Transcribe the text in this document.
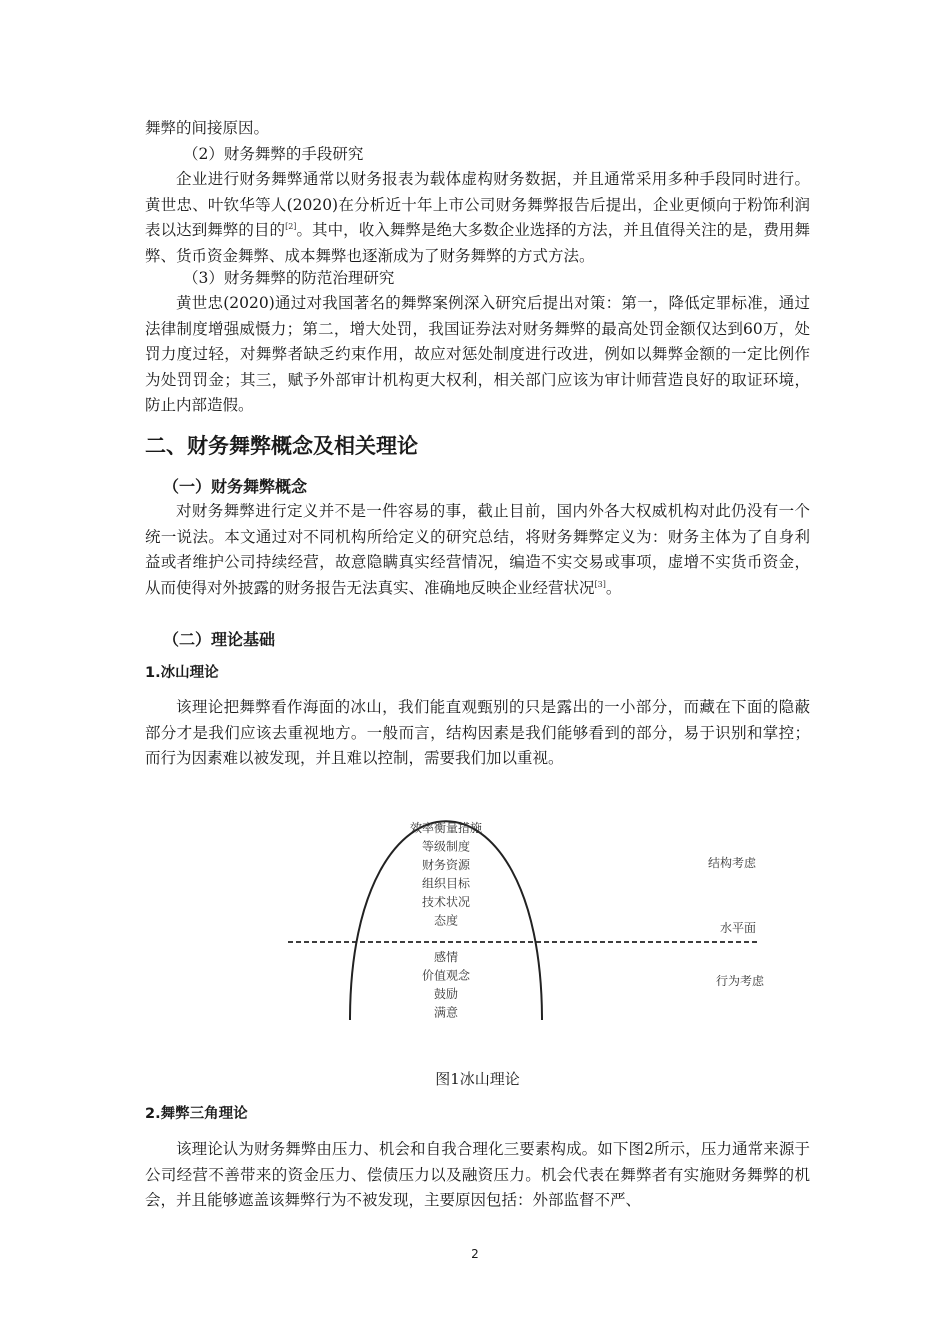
舞弊的间接原因。

（2）财务舞弊的手段研究

企业进行财务舞弊通常以财务报表为载体虚构财务数据，并且通常采用多种手段同时进行。黄世忠、叶钦华等人(2020)在分析近十年上市公司财务舞弊报告后提出，企业更倾向于粉饰利润表以达到舞弊的目的[2]。其中，收入舞弊是绝大多数企业选择的方法，并且值得关注的是，费用舞弊、货币资金舞弊、成本舞弊也逐渐成为了财务舞弊的方式方法。

（3）财务舞弊的防范治理研究

黄世忠(2020)通过对我国著名的舞弊案例深入研究后提出对策：第一，降低定罪标准，通过法律制度增强威慑力；第二，增大处罚，我国证券法对财务舞弊的最高处罚金额仅达到60万，处罚力度过轻，对舞弊者缺乏约束作用，故应对惩处制度进行改进，例如以舞弊金额的一定比例作为处罚罚金；其三，赋予外部审计机构更大权利，相关部门应该为审计师营造良好的取证环境，防止内部造假。

二、财务舞弊概念及相关理论

（一）财务舞弊概念

对财务舞弊进行定义并不是一件容易的事，截止目前，国内外各大权威机构对此仍没有一个统一说法。本文通过对不同机构所给定义的研究总结，将财务舞弊定义为：财务主体为了自身利益或者维护公司持续经营，故意隐瞒真实经营情况，编造不实交易或事项，虚增不实货币资金，从而使得对外披露的财务报告无法真实、准确地反映企业经营状况[3]。

（二）理论基础

1.冰山理论

该理论把舞弊看作海面的冰山，我们能直观甄别的只是露出的一小部分，而藏在下面的隐蔽部分才是我们应该去重视地方。一般而言，结构因素是我们能够看到的部分，易于识别和掌控；而行为因素难以被发现，并且难以控制，需要我们加以重视。

效率衡量措施
等级制度
财务资源
组织目标
技术状况
态度
感情
价值观念
鼓励
满意
结构考虑
水平面
行为考虑

图1冰山理论

2.舞弊三角理论

该理论认为财务舞弊由压力、机会和自我合理化三要素构成。如下图2所示，压力通常来源于公司经营不善带来的资金压力、偿债压力以及融资压力。机会代表在舞弊者有实施财务舞弊的机会，并且能够遮盖该舞弊行为不被发现，主要原因包括：外部监督不严、

2
